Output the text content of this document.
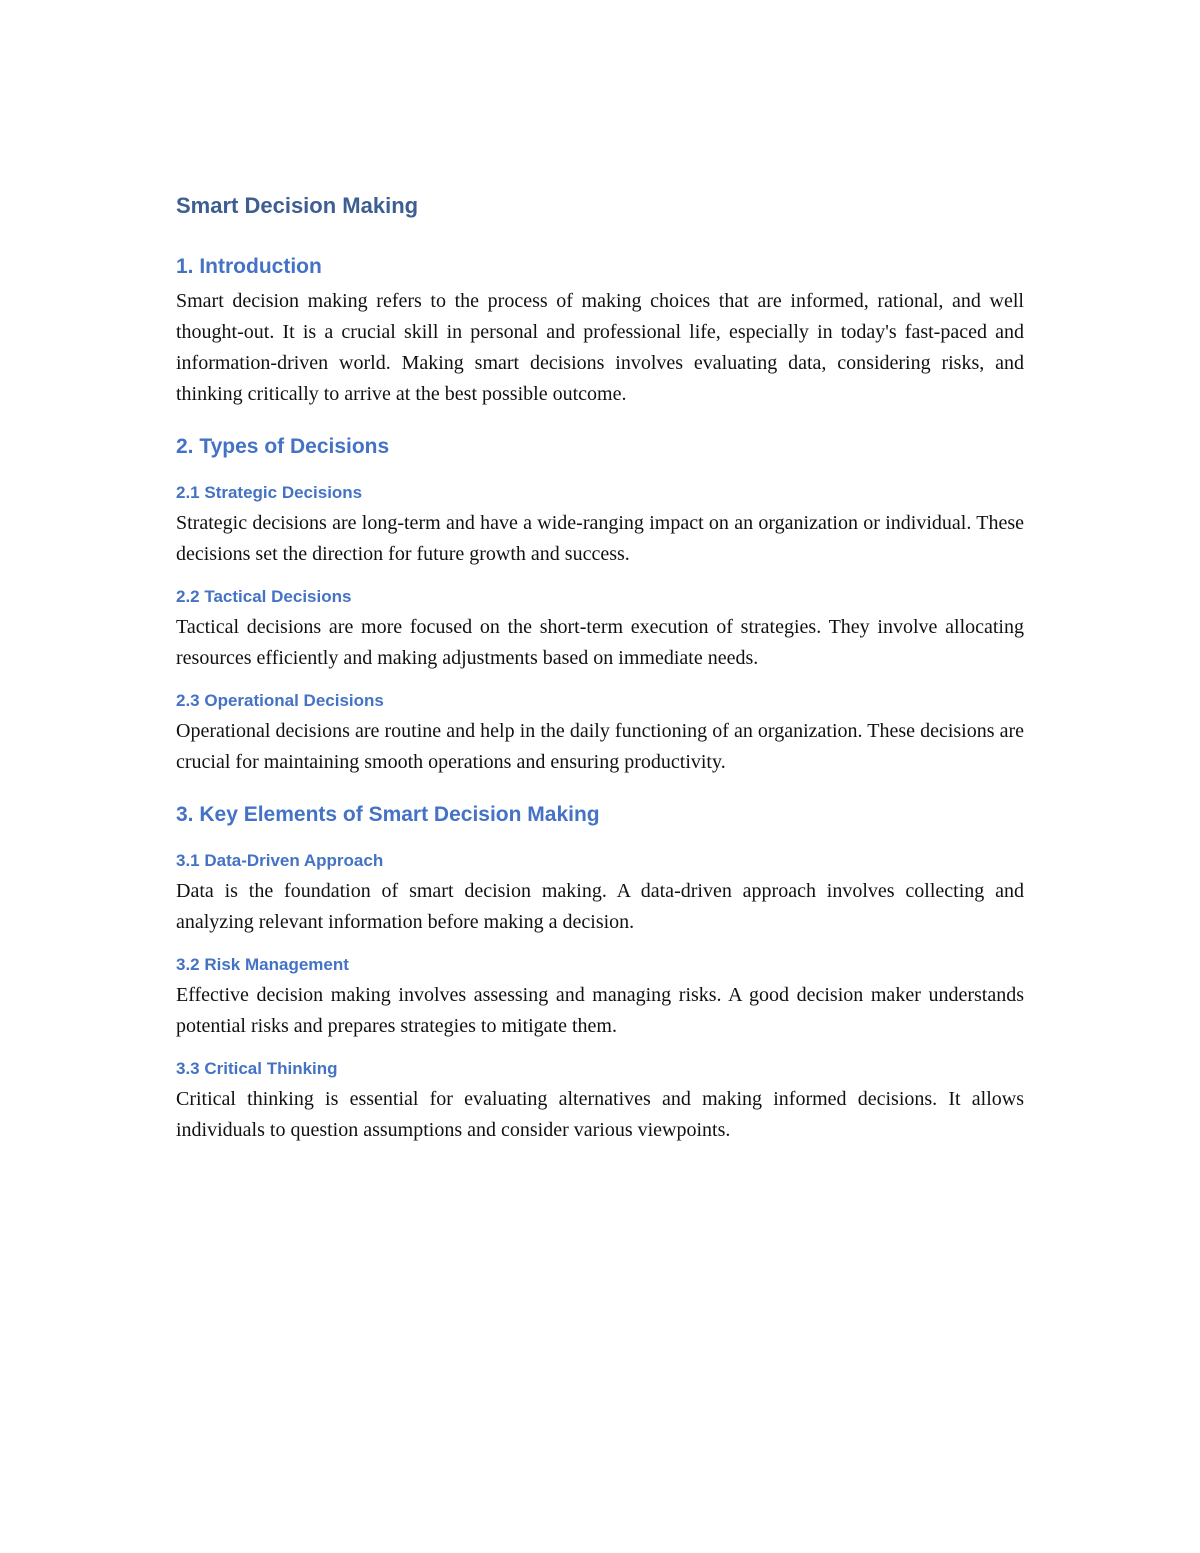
Smart Decision Making
1. Introduction

Smart decision making refers to the process of making choices that are informed, rational, and well thought-out. It is a crucial skill in personal and professional life, especially in today's fast-paced and information-driven world. Making smart decisions involves evaluating data, considering risks, and thinking critically to arrive at the best possible outcome.

2. Types of Decisions
2.1 Strategic Decisions

Strategic decisions are long-term and have a wide-ranging impact on an organization or individual. These decisions set the direction for future growth and success.

2.2 Tactical Decisions

Tactical decisions are more focused on the short-term execution of strategies. They involve allocating resources efficiently and making adjustments based on immediate needs.

2.3 Operational Decisions

Operational decisions are routine and help in the daily functioning of an organization. These decisions are crucial for maintaining smooth operations and ensuring productivity.

3. Key Elements of Smart Decision Making
3.1 Data-Driven Approach

Data is the foundation of smart decision making. A data-driven approach involves collecting and analyzing relevant information before making a decision.

3.2 Risk Management

Effective decision making involves assessing and managing risks. A good decision maker understands potential risks and prepares strategies to mitigate them.

3.3 Critical Thinking

Critical thinking is essential for evaluating alternatives and making informed decisions. It allows individuals to question assumptions and consider various viewpoints.
